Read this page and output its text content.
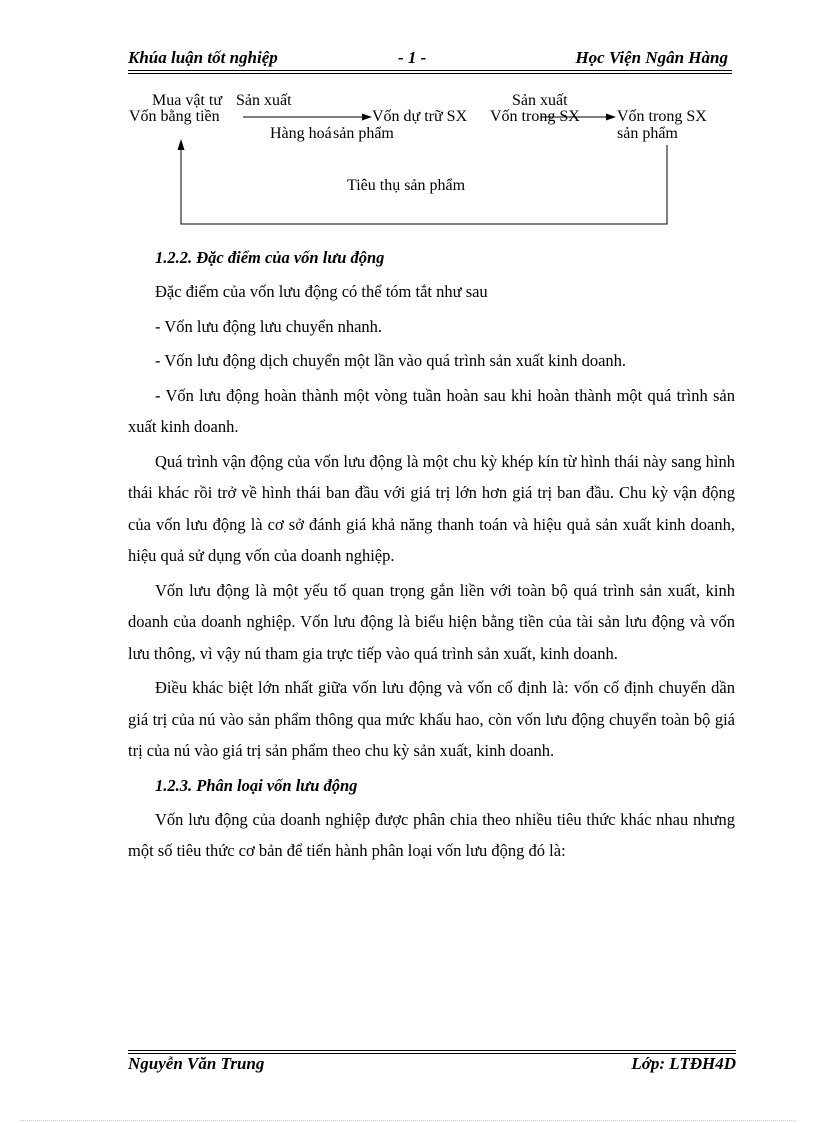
Khúa luận tốt nghiệp	- 1 -	Học Viện Ngân Hàng
Mua vật tư Sản xuất
Vốn bằng tiền	Vốn dự trữ SX Vốn trong SX
Sản xuất
Vốn trong SX
Hàng hoá sản phẩm	sản phẩm
Tiêu thụ sản phẩm

1.2.2. Đặc điểm của vốn lưu động

Đặc điểm của vốn lưu động có thể tóm tắt như sau

- Vốn lưu động lưu chuyển nhanh.

- Vốn lưu động dịch chuyển một lần vào quá trình sản xuất kinh doanh.

- Vốn lưu động hoàn thành một vòng tuần hoàn sau khi hoàn thành một quá trình sản xuất kinh doanh.

Quá trình vận động của vốn lưu động là một chu kỳ khép kín từ hình thái này sang hình thái khác rồi trở về hình thái ban đầu với giá trị lớn hơn giá trị ban đầu. Chu kỳ vận động của vốn lưu động là cơ sở đánh giá khả năng thanh toán và hiệu quả sản xuất kinh doanh, hiệu quả sử dụng vốn của doanh nghiệp.

Vốn lưu động là một yếu tố quan trọng gắn liền với toàn bộ quá trình sản xuất, kinh doanh của doanh nghiệp. Vốn lưu động là biểu hiện bằng tiền của tài sản lưu động và vốn lưu thông, vì vậy nú tham gia trực tiếp vào quá trình sản xuất, kinh doanh.

Điều khác biệt lớn nhất giữa vốn lưu động và vốn cố định là: vốn cố định chuyển dần giá trị của nú vào sản phẩm thông qua mức khấu hao, còn vốn lưu động chuyển toàn bộ giá trị của nú vào giá trị sản phẩm theo chu kỳ sản xuất, kinh doanh.

1.2.3. Phân loại vốn lưu động

Vốn lưu động của doanh nghiệp được phân chia theo nhiều tiêu thức khác nhau nhưng một số tiêu thức cơ bản để tiến hành phân loại vốn lưu động đó là:

Nguyễn Văn Trung	Lớp: LTĐH4D
